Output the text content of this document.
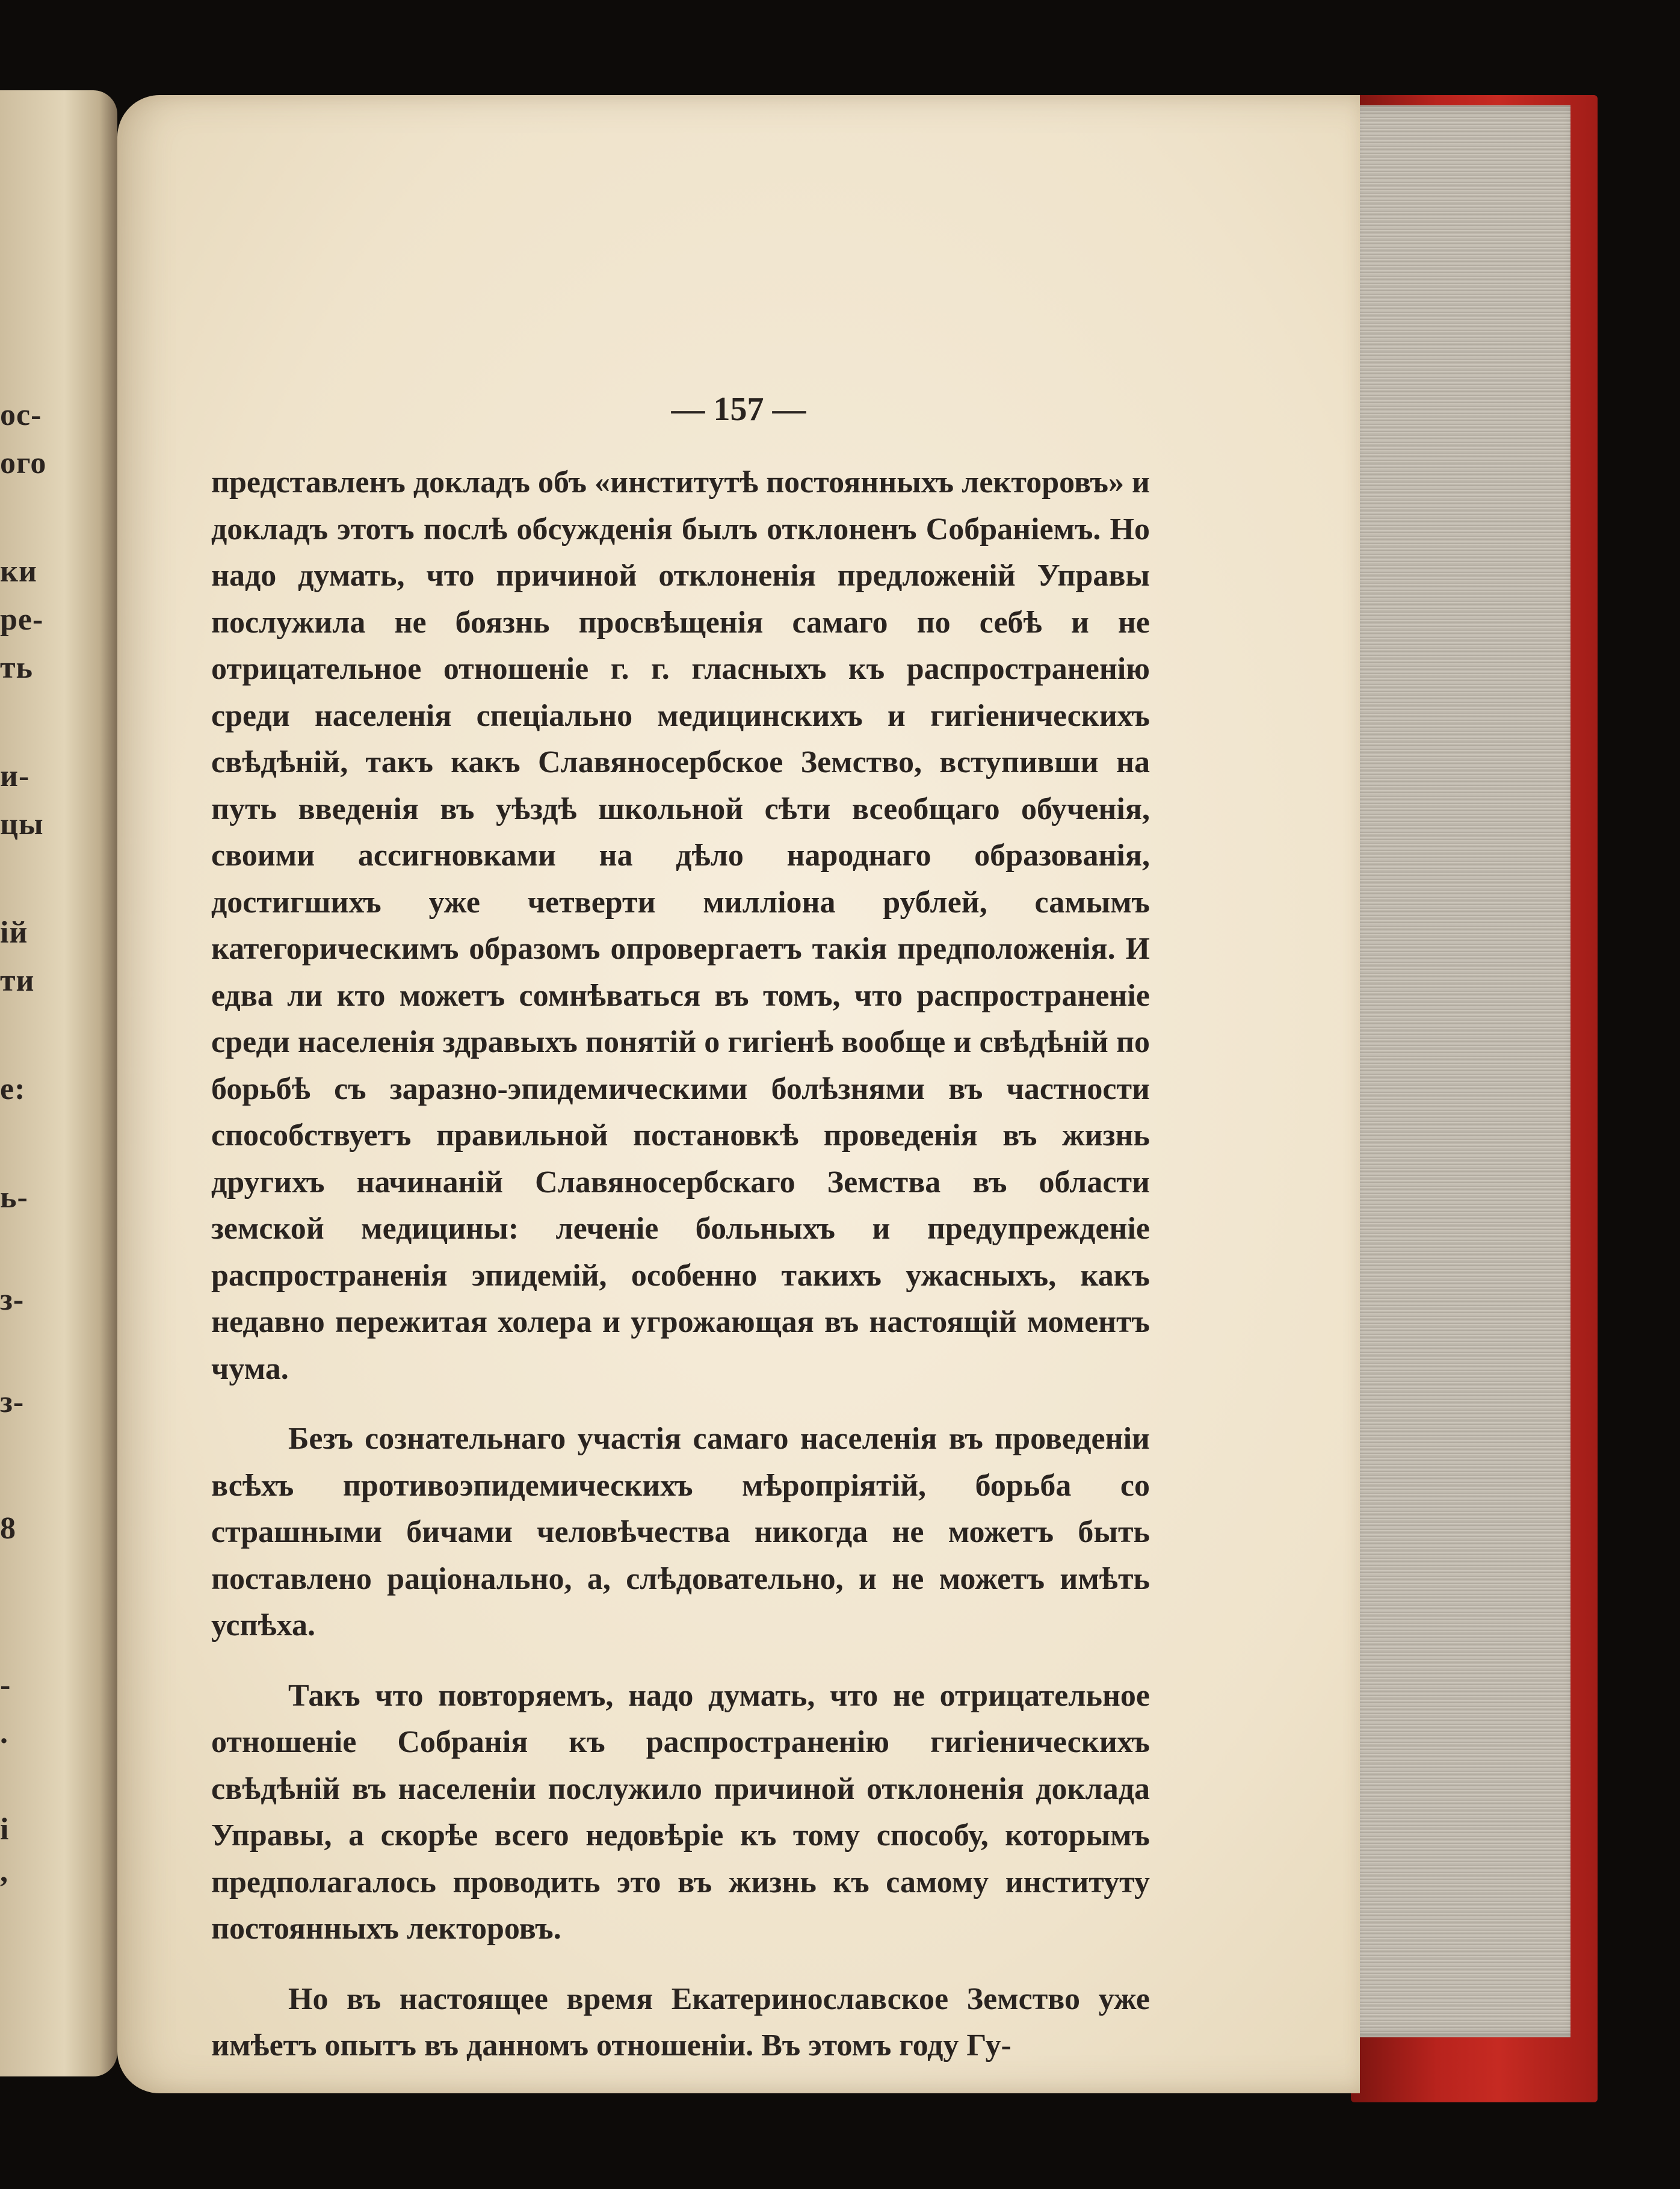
ос-
ого
ки
ре-
ть
и-
цы
ій
ти
е:
ь-
з-
з-
8
-
.
і
,
— 157 —

представленъ докладъ объ «институтѣ постоянныхъ лекторовъ» и докладъ этотъ послѣ обсужденія былъ отклоненъ Собраніемъ. Но надо думать, что причиной отклоненія предложеній Управы послужила не боязнь просвѣщенія самаго по себѣ и не отрицательное отношеніе г. г. гласныхъ къ распространенію среди населенія спеціально медицинскихъ и гигіеническихъ свѣдѣній, такъ какъ Славяносербское Земство, вступивши на путь введенія въ уѣздѣ школьной сѣти всеобщаго обученія, своими ассигновками на дѣло народнаго образованія, достигшихъ уже четверти милліона рублей, самымъ категорическимъ образомъ опровергаетъ такія предположенія. И едва ли кто можетъ сомнѣваться въ томъ, что распространеніе среди населенія здравыхъ понятій о гигіенѣ вообще и свѣдѣній по борьбѣ съ заразно-эпидемическими болѣзнями въ частности способствуетъ правильной постановкѣ проведенія въ жизнь другихъ начинаній Славяносербскаго Земства въ области земской медицины: леченіе больныхъ и предупрежденіе распространенія эпидемій, особенно такихъ ужасныхъ, какъ недавно пережитая холера и угрожающая въ настоящій моментъ чума.

Безъ сознательнаго участія самаго населенія въ проведеніи всѣхъ противоэпидемическихъ мѣропріятій, борьба со страшными бичами человѣчества никогда не можетъ быть поставлено раціонально, а, слѣдовательно, и не можетъ имѣть успѣха.

Такъ что повторяемъ, надо думать, что не отрицательное отношеніе Собранія къ распространенію гигіеническихъ свѣдѣній въ населеніи послужило причиной отклоненія доклада Управы, а скорѣе всего недовѣріе къ тому способу, которымъ предполагалось проводить это въ жизнь къ самому институту постоянныхъ лекторовъ.

Но въ настоящее время Екатеринославское Земство уже имѣетъ опытъ въ данномъ отношеніи. Въ этомъ году Гу-
